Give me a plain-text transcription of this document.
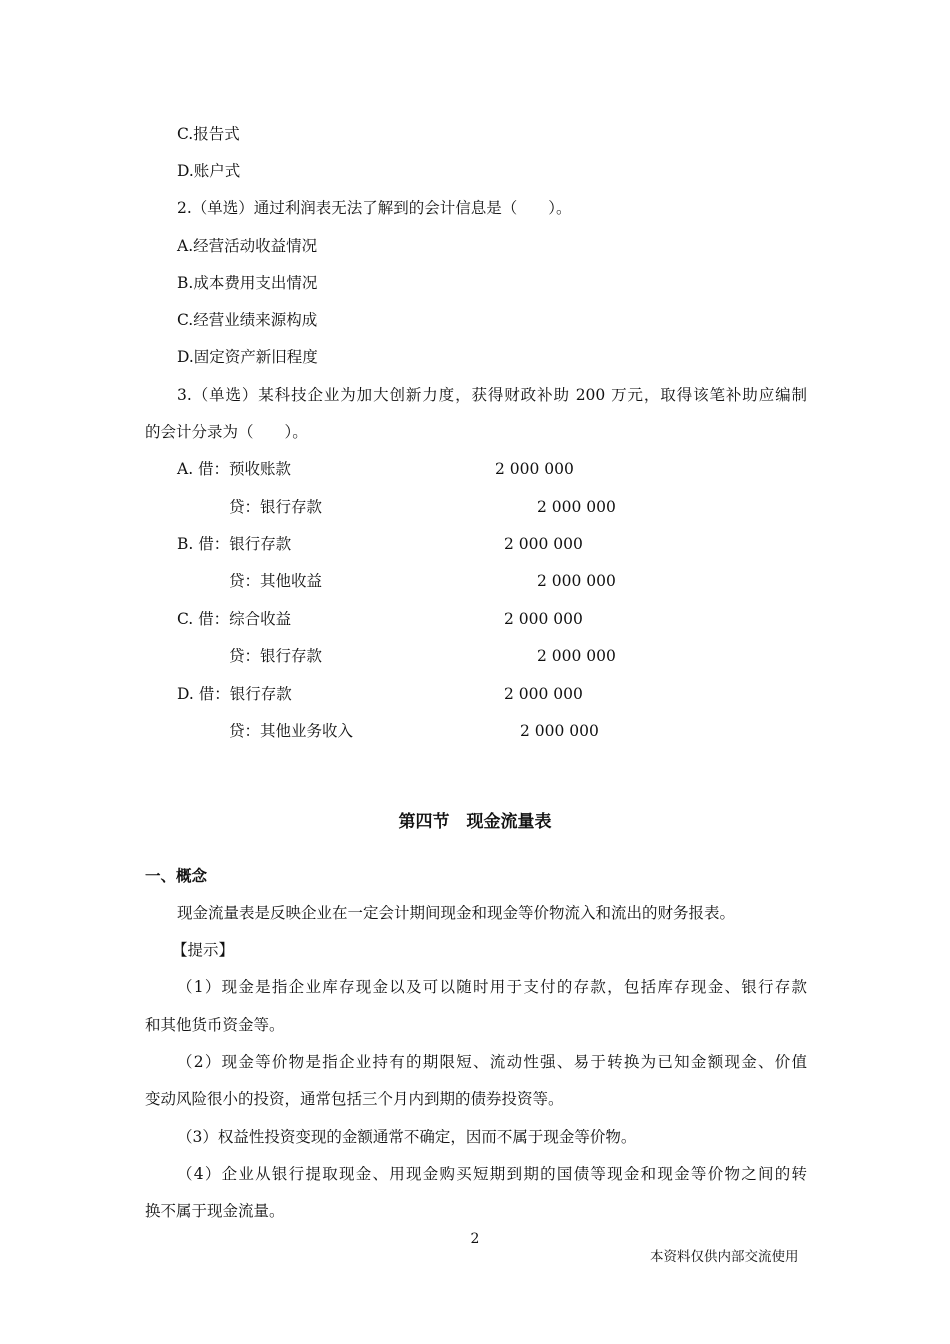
C.报告式
D.账户式
2.（单选）通过利润表无法了解到的会计信息是（　　）。
A.经营活动收益情况
B.成本费用支出情况
C.经营业绩来源构成
D.固定资产新旧程度
3.（单选）某科技企业为加大创新力度，获得财政补助 200 万元，取得该笔补助应编制
的会计分录为（　　）。
A. 借：预收账款	2 000 000
贷：银行存款	2 000 000
B. 借：银行存款	2 000 000
贷：其他收益	2 000 000
C. 借：综合收益	2 000 000
贷：银行存款	2 000 000
D. 借：银行存款	2 000 000
贷：其他业务收入	2 000 000
第四节　现金流量表
一、概念
现金流量表是反映企业在一定会计期间现金和现金等价物流入和流出的财务报表。
【提示】
（1）现金是指企业库存现金以及可以随时用于支付的存款，包括库存现金、银行存款
和其他货币资金等。
（2）现金等价物是指企业持有的期限短、流动性强、易于转换为已知金额现金、价值
变动风险很小的投资，通常包括三个月内到期的债券投资等。
（3）权益性投资变现的金额通常不确定，因而不属于现金等价物。
（4）企业从银行提取现金、用现金购买短期到期的国债等现金和现金等价物之间的转
换不属于现金流量。
2
本资料仅供内部交流使用
